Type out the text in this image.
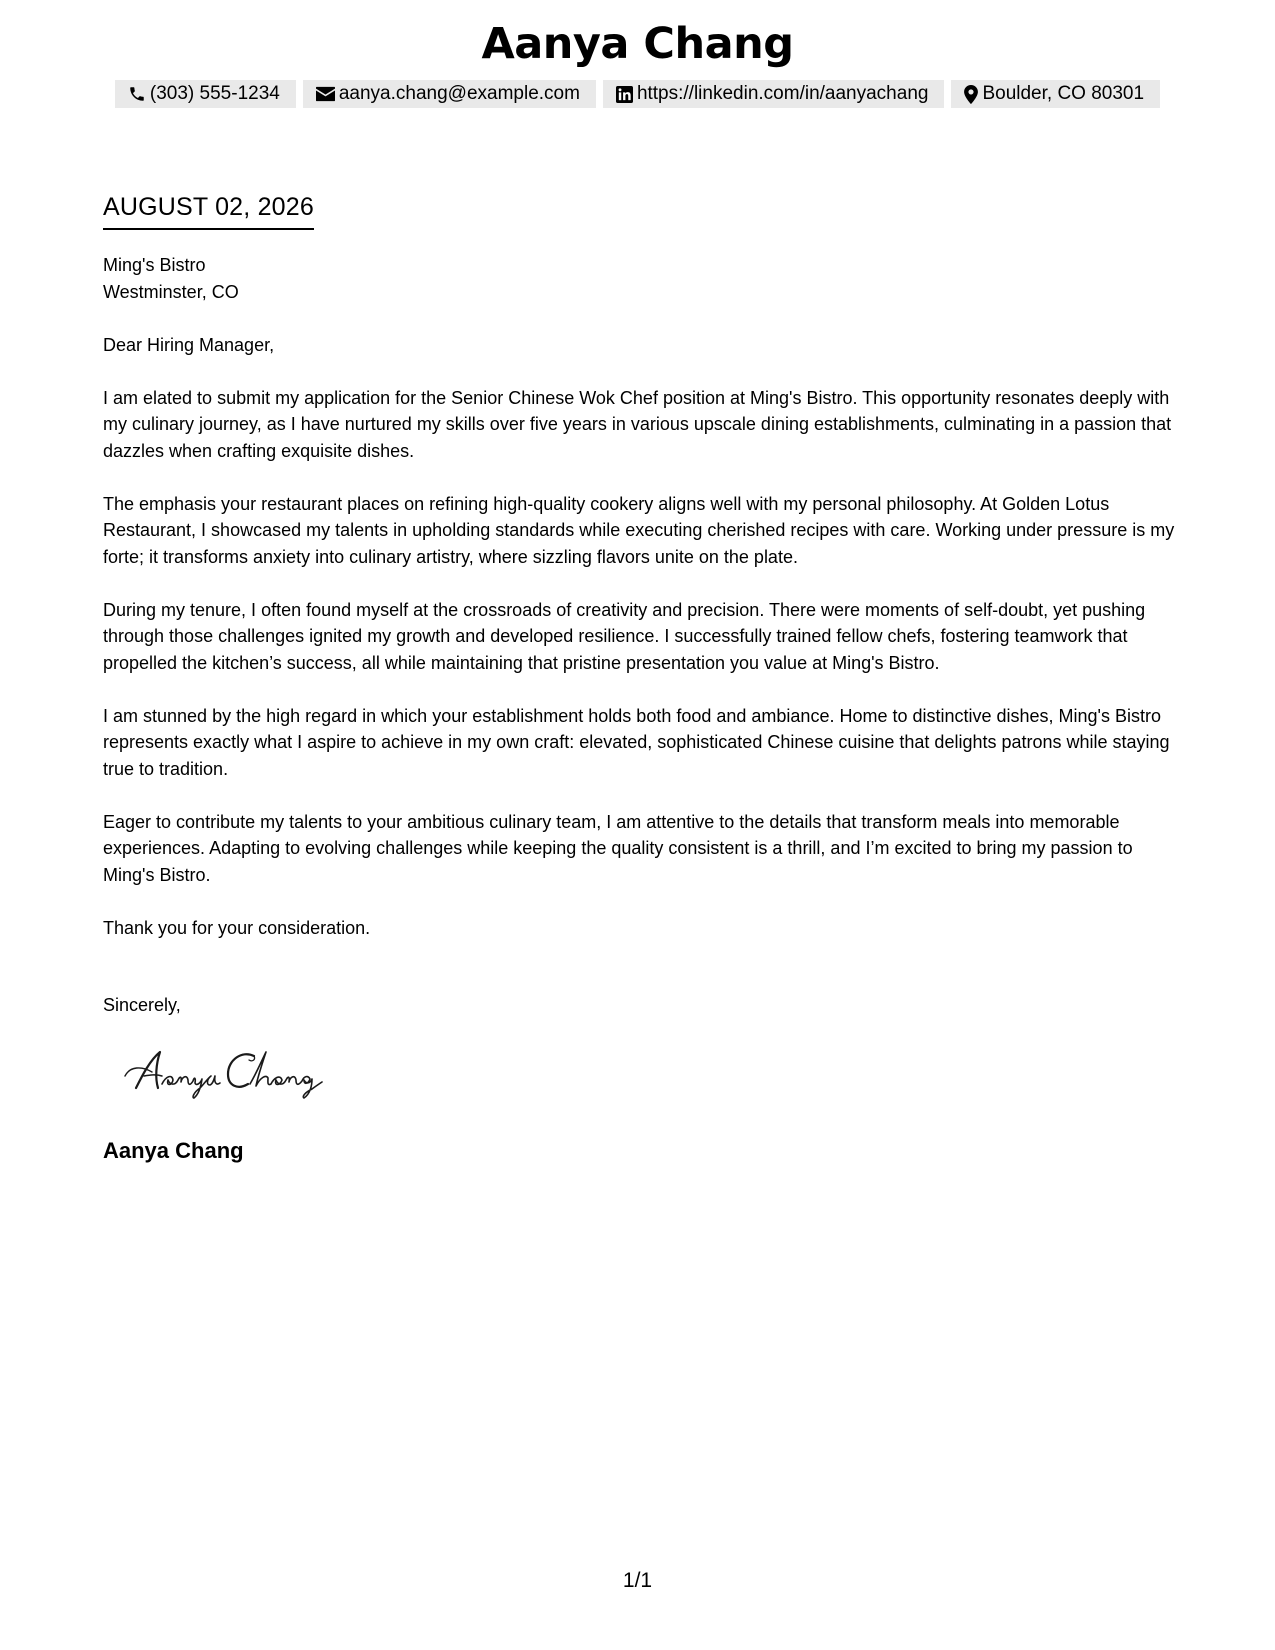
Aanya Chang
(303) 555-1234	aanya.chang@example.com	https://linkedin.com/in/aanyachang	Boulder, CO 80301
AUGUST 02, 2026

Ming's Bistro

Westminster, CO

Dear Hiring Manager,

I am elated to submit my application for the Senior Chinese Wok Chef position at Ming's Bistro. This opportunity resonates deeply with my culinary journey, as I have nurtured my skills over five years in various upscale dining establishments, culminating in a passion that dazzles when crafting exquisite dishes.

The emphasis your restaurant places on refining high-quality cookery aligns well with my personal philosophy. At Golden Lotus Restaurant, I showcased my talents in upholding standards while executing cherished recipes with care. Working under pressure is my forte; it transforms anxiety into culinary artistry, where sizzling flavors unite on the plate.

During my tenure, I often found myself at the crossroads of creativity and precision. There were moments of self-doubt, yet pushing through those challenges ignited my growth and developed resilience. I successfully trained fellow chefs, fostering teamwork that propelled the kitchen’s success, all while maintaining that pristine presentation you value at Ming's Bistro.

I am stunned by the high regard in which your establishment holds both food and ambiance. Home to distinctive dishes, Ming's Bistro represents exactly what I aspire to achieve in my own craft: elevated, sophisticated Chinese cuisine that delights patrons while staying true to tradition.

Eager to contribute my talents to your ambitious culinary team, I am attentive to the details that transform meals into memorable experiences. Adapting to evolving challenges while keeping the quality consistent is a thrill, and I’m excited to bring my passion to Ming's Bistro.

Thank you for your consideration.

Sincerely,
Aanya Chang
1/1
